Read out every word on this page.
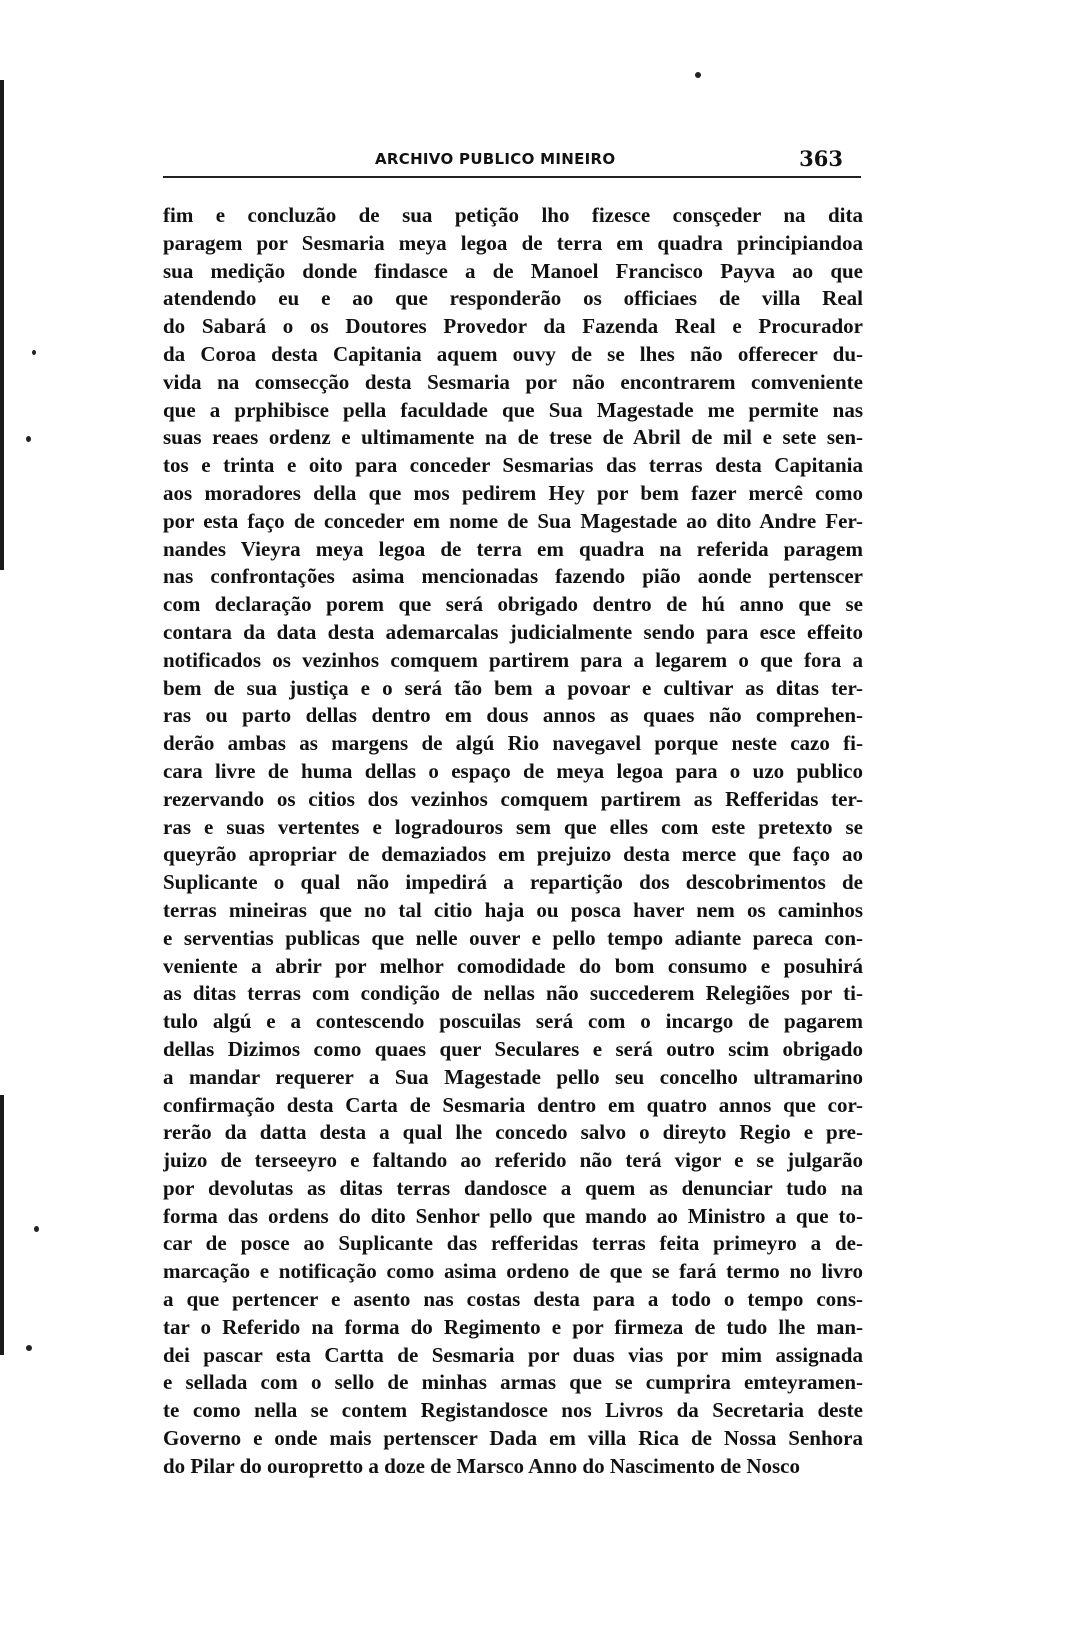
ARCHIVO PUBLICO MINEIRO	363
fim e concluzão de sua petição lho fizesce consçeder na dita
paragem por Sesmaria meya legoa de terra em quadra principiandoa
sua medição donde findasce a de Manoel Francisco Payva ao que
atendendo eu e ao que responderão os officiaes de villa Real
do Sabará o os Doutores Provedor da Fazenda Real e Procurador
da Coroa desta Capitania aquem ouvy de se lhes não offerecer du-
vida na comsecção desta Sesmaria por não encontrarem comveniente
que a prphibisce pella faculdade que Sua Magestade me permite nas
suas reaes ordenz e ultimamente na de trese de Abril de mil e sete sen-
tos e trinta e oito para conceder Sesmarias das terras desta Capitania
aos moradores della que mos pedirem Hey por bem fazer mercê como
por esta faço de conceder em nome de Sua Magestade ao dito Andre Fer-
nandes Vieyra meya legoa de terra em quadra na referida paragem
nas confrontações asima mencionadas fazendo pião aonde pertenscer
com declaração porem que será obrigado dentro de hú anno que se
contara da data desta ademarcalas judicialmente sendo para esce effeito
notificados os vezinhos comquem partirem para a legarem o que fora a
bem de sua justiça e o será tão bem a povoar e cultivar as ditas ter-
ras ou parto dellas dentro em dous annos as quaes não comprehen-
derão ambas as margens de algú Rio navegavel porque neste cazo fi-
cara livre de huma dellas o espaço de meya legoa para o uzo publico
rezervando os citios dos vezinhos comquem partirem as Refferidas ter-
ras e suas vertentes e logradouros sem que elles com este pretexto se
queyrão apropriar de demaziados em prejuizo desta merce que faço ao
Suplicante o qual não impedirá a repartição dos descobrimentos de
terras mineiras que no tal citio haja ou posca haver nem os caminhos
e serventias publicas que nelle ouver e pello tempo adiante pareca con-
veniente a abrir por melhor comodidade do bom consumo e posuhirá
as ditas terras com condição de nellas não succederem Relegiões por ti-
tulo algú e a contescendo poscuilas será com o incargo de pagarem
dellas Dizimos como quaes quer Seculares e será outro scim obrigado
a mandar requerer a Sua Magestade pello seu concelho ultramarino
confirmação desta Carta de Sesmaria dentro em quatro annos que cor-
rerão da datta desta a qual lhe concedo salvo o direyto Regio e pre-
juizo de terseeyro e faltando ao referido não terá vigor e se julgarão
por devolutas as ditas terras dandosce a quem as denunciar tudo na
forma das ordens do dito Senhor pello que mando ao Ministro a que to-
car de posce ao Suplicante das refferidas terras feita primeyro a de-
marcação e notificação como asima ordeno de que se fará termo no livro
a que pertencer e asento nas costas desta para a todo o tempo cons-
tar o Referido na forma do Regimento e por firmeza de tudo lhe man-
dei pascar esta Cartta de Sesmaria por duas vias por mim assignada
e sellada com o sello de minhas armas que se cumprira emteyramen-
te como nella se contem Registandosce nos Livros da Secretaria deste
Governo e onde mais pertenscer Dada em villa Rica de Nossa Senhora
do Pilar do ouropretto a doze de Marsco Anno do Nascimento de Nosco
